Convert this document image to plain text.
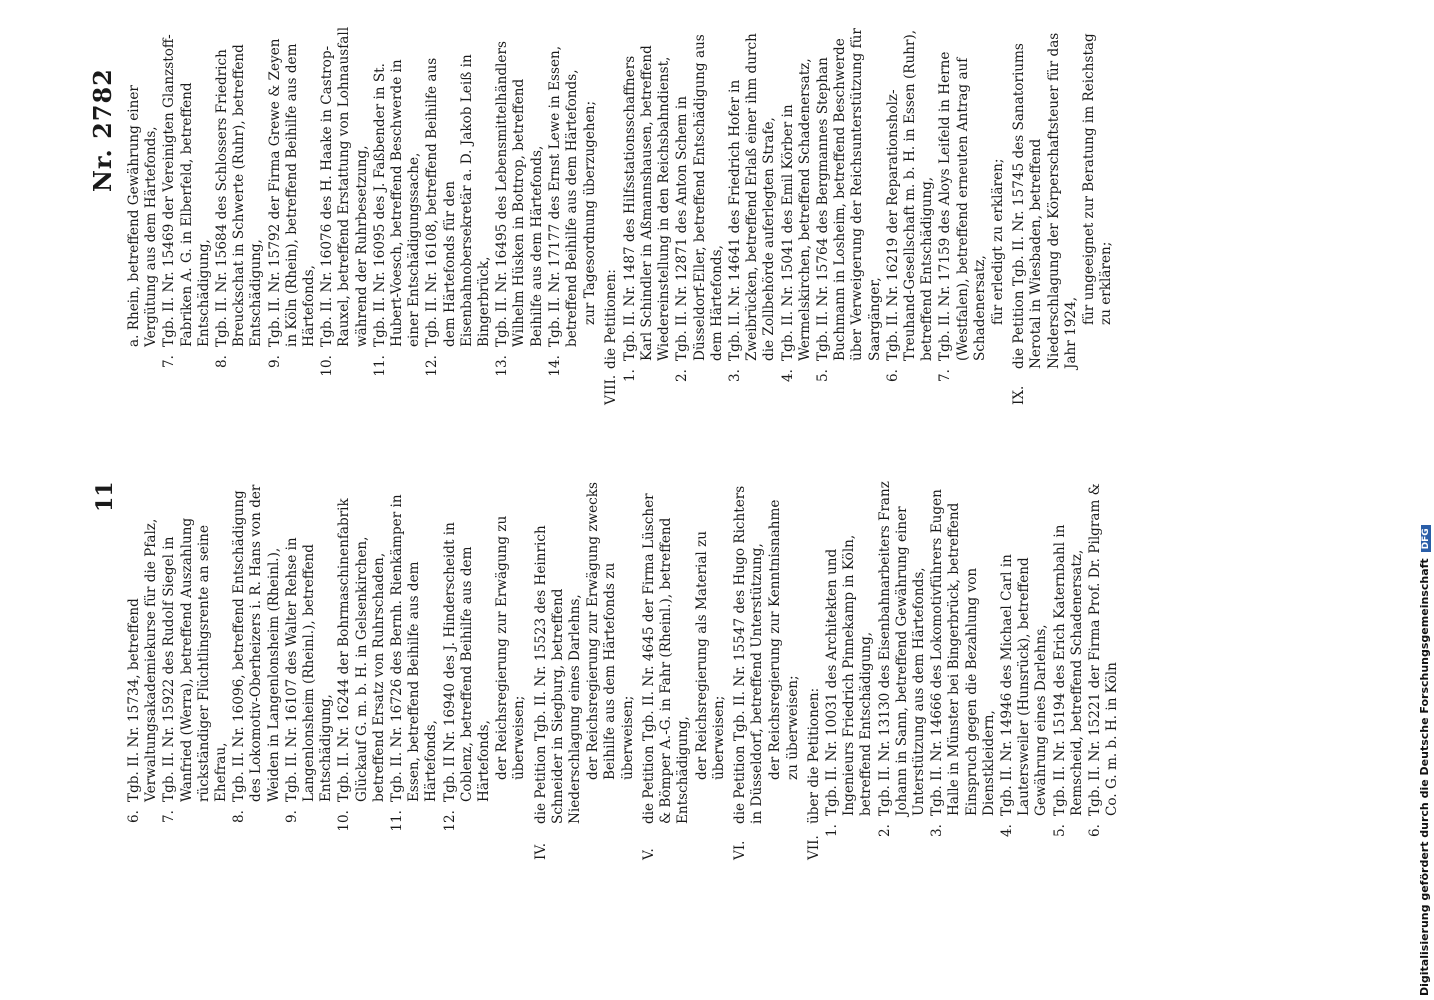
11
Nr. 2782
6.
Tgb. II. Nr. 15734, betreffend Verwaltungsakademiekurse für die Pfalz,
7.
Tgb. II. Nr. 15922 des Rudolf Siegel in Wanfried (Werra), betreffend Auszahlung rückständiger Flüchtlingsrente an seine Ehefrau,
8.
Tgb. II. Nr. 16096, betreffend Entschädigung des Lokomotiv-Oberheizers i. R. Hans von der Weiden in Langenlonsheim (Rheinl.),
9.
Tgb. II. Nr. 16107 des Walter Rehse in Langenlonsheim (Rheinl.), betreffend Entschädigung,
10.
Tgb. II. Nr. 16244 der Bohrmaschinenfabrik Glückauf G. m. b. H. in Gelsenkirchen, betreffend Ersatz von Ruhrschaden,
11.
Tgb. II. Nr. 16726 des Bernh. Rienkämper in Essen, betreffend Beihilfe aus dem Härtefonds,
12.
Tgb. II Nr. 16940 des J. Hinderscheidt in Coblenz, betreffend Beihilfe aus dem Härtefonds, der Reichsregierung zur Erwägung zu überweisen;
IV.
die Petition Tgb. II. Nr. 15523 des Heinrich Schneider in Siegburg, betreffend Niederschlagung eines Darlehns, der Reichsregierung zur Erwägung zwecks Beihilfe aus dem Härtefonds zu überweisen;
V.
die Petition Tgb. II. Nr. 4645 der Firma Lüscher & Bömper A.-G. in Fahr (Rheinl.), betreffend Entschädigung, der Reichsregierung als Material zu überweisen;
VI.
die Petition Tgb. II. Nr. 15547 des Hugo Richters in Düsseldorf, betreffend Unterstützung, der Reichsregierung zur Kenntnisnahme zu überweisen;
VII.
über die Petitionen:
1.
Tgb. II. Nr. 10031 des Architekten und Ingenieurs Friedrich Pinnekamp in Köln, betreffend Entschädigung,
2.
Tgb. II. Nr. 13130 des Eisenbahnarbeiters Franz Johann in Sann, betreffend Gewährung einer Unterstützung aus dem Härtefonds,
3.
Tgb. II. Nr. 14666 des Lokomotivführers Eugen Halle in Münster bei Bingerbrück, betreffend Einspruch gegen die Bezahlung von Dienstkleidern,
4.
Tgb. II. Nr. 14946 des Michael Carl in Lautersweiler (Hunsrück), betreffend Gewährung eines Darlehns,
5.
Tgb. II. Nr. 15194 des Erich Katernbahl in Remscheid, betreffend Schadenersatz,
6.
Tgb. II. Nr. 15221 der Firma Prof. Dr. Pilgram & Co. G. m. b. H. in Köln
a. Rhein, betreffend Gewährung einer Vergütung aus dem Härtefonds,
7.
Tgb. II. Nr. 15469 der Vereinigten Glanzstoff-Fabriken A. G. in Elberfeld, betreffend Entschädigung,
8.
Tgb. II. Nr. 15684 des Schlossers Friedrich Breuckschat in Schwerte (Ruhr), betreffend Entschädigung,
9.
Tgb. II. Nr. 15792 der Firma Grewe & Zeyen in Köln (Rhein), betreffend Beihilfe aus dem Härtefonds,
10.
Tgb. II. Nr. 16076 des H. Haake in Castrop-Rauxel, betreffend Erstattung von Lohnausfall während der Ruhrbesetzung,
11.
Tgb. II. Nr. 16095 des J. Faßbender in St. Hubert-Voesch, betreffend Beschwerde in einer Entschädigungssache,
12.
Tgb. II. Nr. 16108, betreffend Beihilfe aus dem Härtefonds für den Eisenbahnobersekretär a. D. Jakob Leiß in Bingerbrück,
13.
Tgb. II. Nr. 16495 des Lebensmittelhändlers Wilhelm Hüsken in Bottrop, betreffend Beihilfe aus dem Härtefonds,
14.
Tgb. II. Nr. 17177 des Ernst Lewe in Essen, betreffend Beihilfe aus dem Härtefonds, zur Tagesordnung überzugehen;
VIII.
die Petitionen:
1.
Tgb. II. Nr. 1487 des Hilfsstationsschaffners Karl Schindler in Aßmannshausen, betreffend Wiedereinstellung in den Reichsbahndienst,
2.
Tgb. II. Nr. 12871 des Anton Schem in Düsseldorf-Eller, betreffend Entschädigung aus dem Härtefonds,
3.
Tgb. II. Nr. 14641 des Friedrich Hofer in Zweibrücken, betreffend Erlaß einer ihm durch die Zollbehörde auferlegten Strafe,
4.
Tgb. II. Nr. 15041 des Emil Körber in Wermelskirchen, betreffend Schadenersatz,
5.
Tgb. II. Nr. 15764 des Bergmannes Stephan Buchmann in Losheim, betreffend Beschwerde über Verweigerung der Reichsunterstützung für Saargänger,
6.
Tgb. II. Nr. 16219 der Reparationsholz-Treuhand-Gesellschaft m. b. H. in Essen (Ruhr), betreffend Entschädigung,
7.
Tgb. II. Nr. 17159 des Aloys Leifeld in Herne (Westfalen), betreffend erneuten Antrag auf Schadenersatz, für erledigt zu erklären;
IX.
die Petition Tgb. II. Nr. 15745 des Sanatoriums Nerotal in Wiesbaden, betreffend Niederschlagung der Körperschaftsteuer für das Jahr 1924,
für ungeeignet zur Beratung im Reichstag zu erklären;
Digitalisierung gefördert durch die Deutsche ForschungsgemeinschaftDFG
